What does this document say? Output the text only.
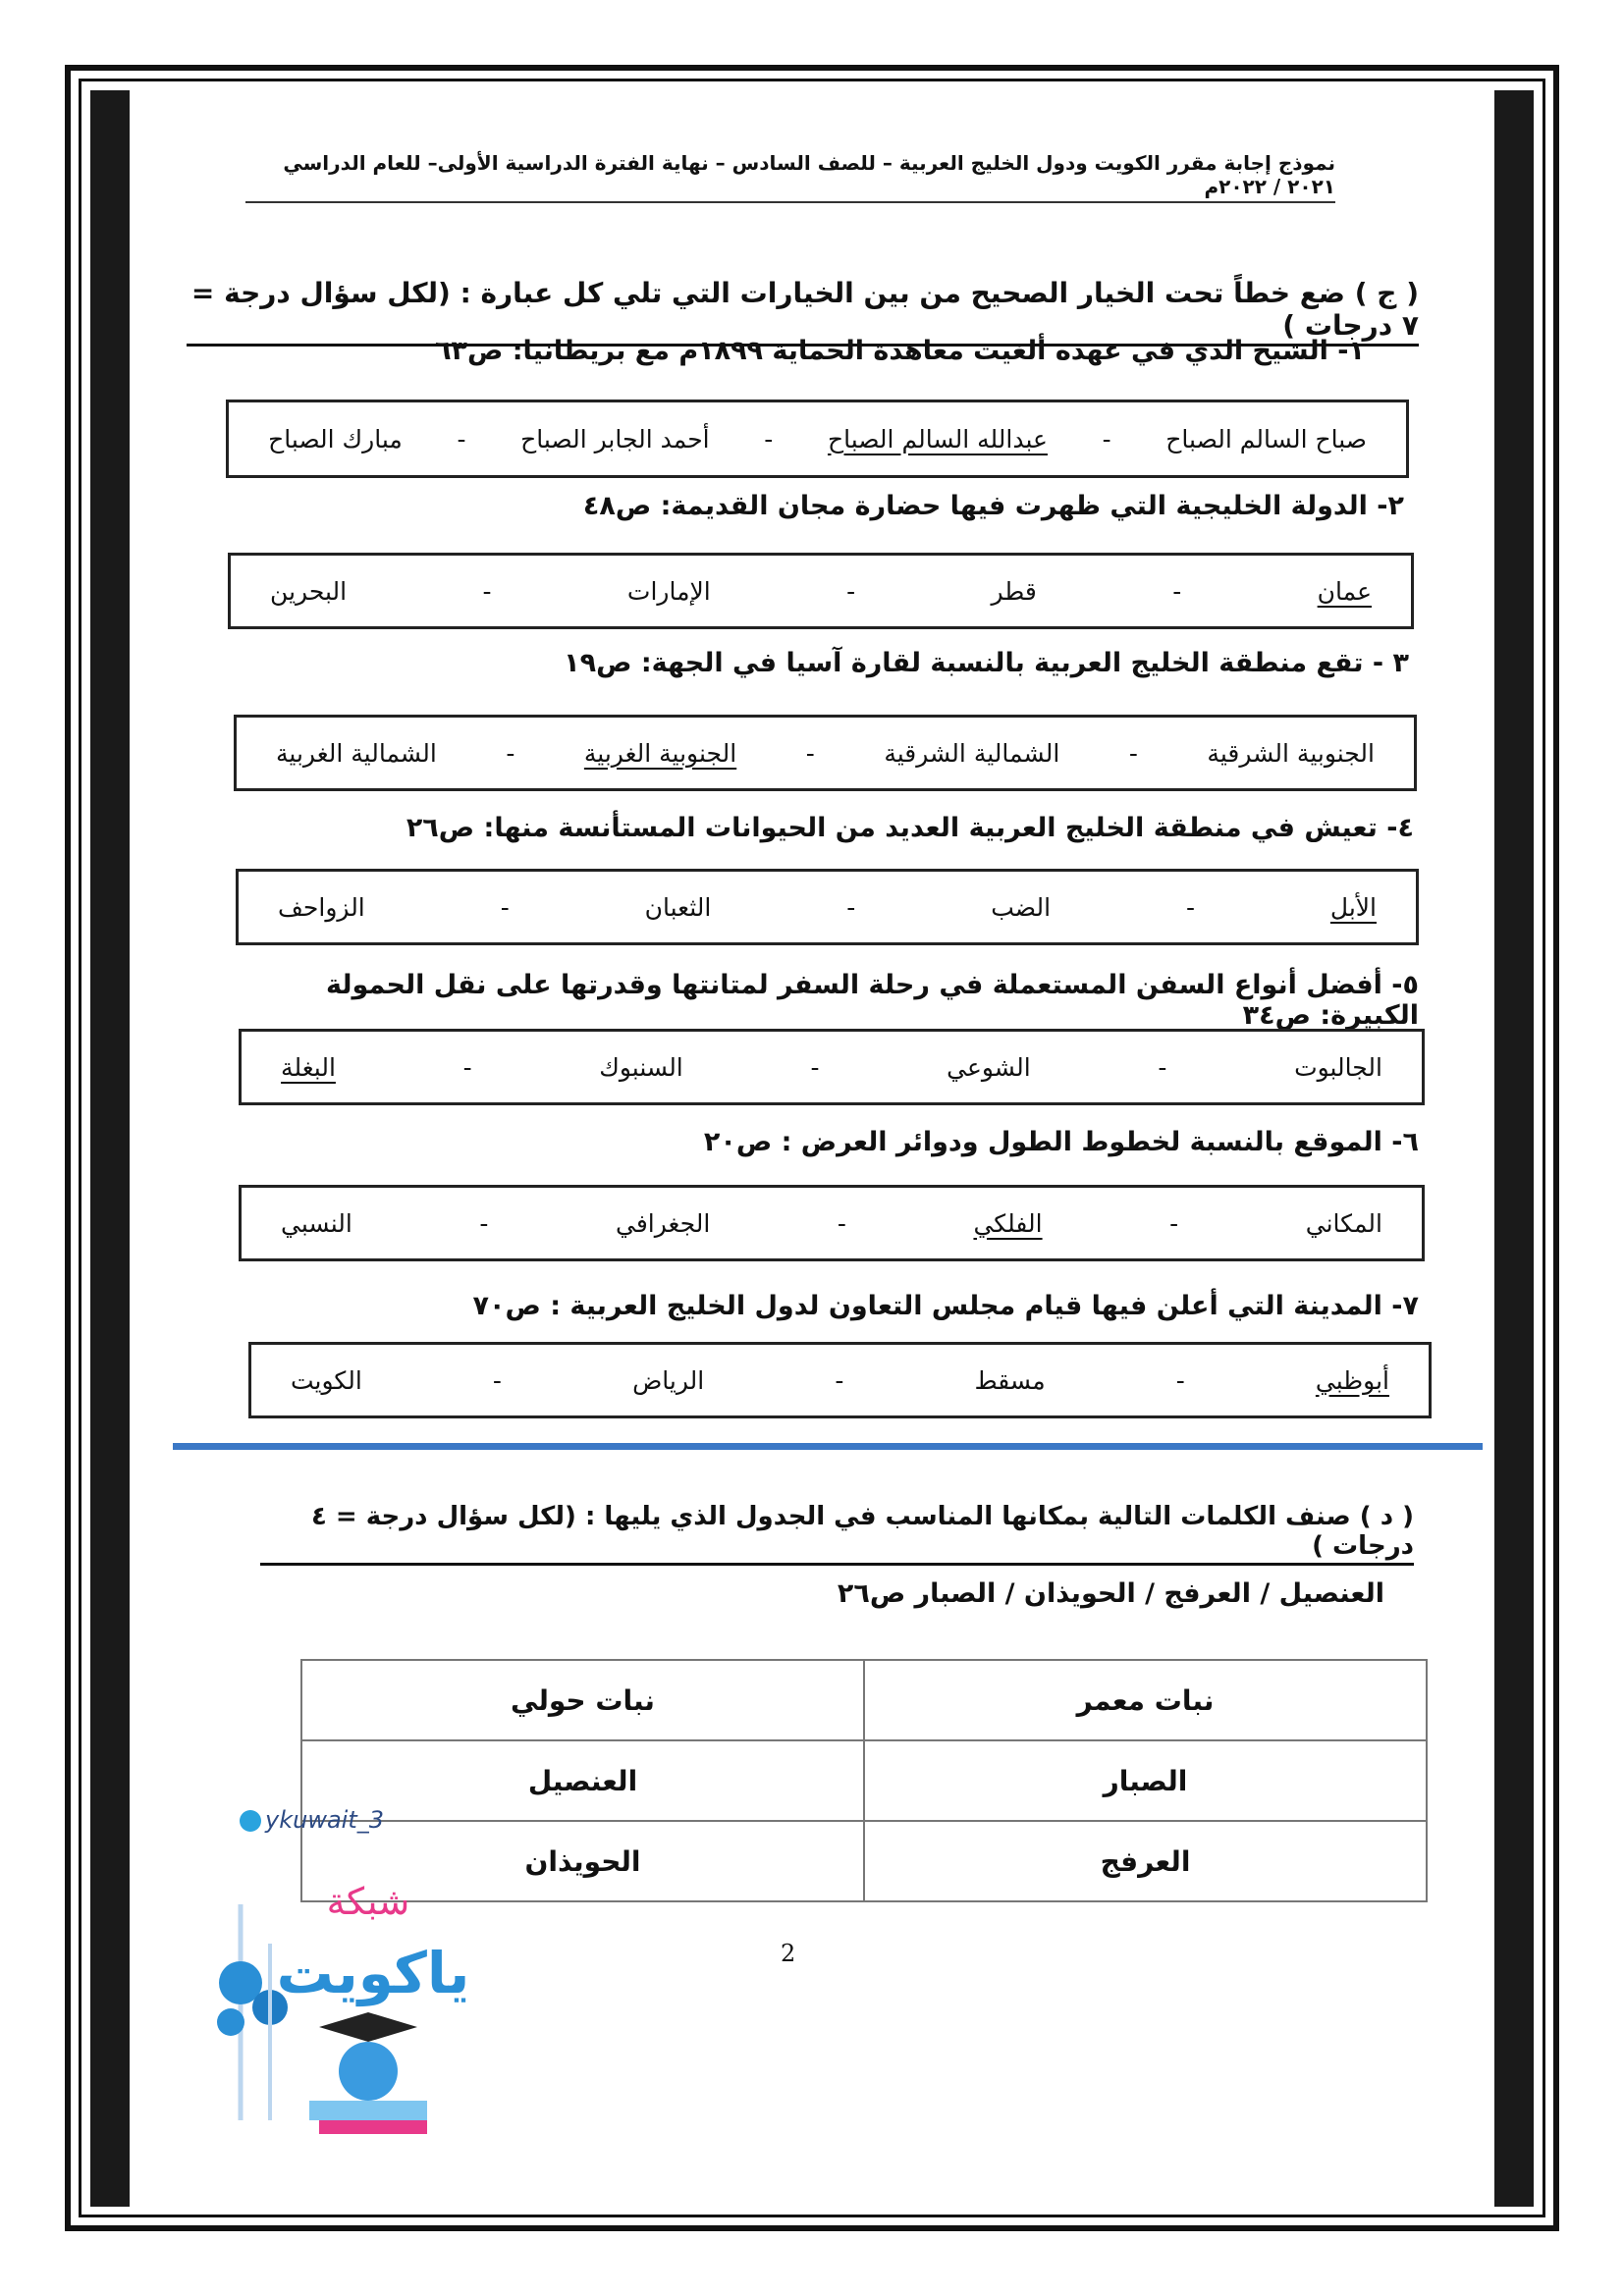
نموذج إجابة مقرر الكويت ودول الخليج العربية – للصف السادس – نهاية الفترة الدراسية الأولى– للعام الدراسي ٢٠٢١ / ٢٠٢٢م
( ج ) ضع خطاً تحت الخيار الصحيح من بين الخيارات التي تلي كل عبارة : (لكل سؤال درجة = ٧ درجات )
١- الشيخ الذي في عهده ألغيت معاهدة الحماية ١٨٩٩م مع بريطانيا: ص٦٣
مبارك الصباح	-	أحمد الجابر الصباح	-	عبدالله السالم الصباح	-	صباح السالم الصباح
٢- الدولة الخليجية التي ظهرت فيها حضارة مجان القديمة: ص٤٨
البحرين	-	الإمارات	-	قطر	-	عمان
٣ - تقع منطقة الخليج العربية بالنسبة لقارة آسيا في الجهة: ص١٩
الشمالية الغربية	-	الجنوبية الغربية	-	الشمالية الشرقية	-	الجنوبية الشرقية
٤- تعيش في منطقة الخليج العربية العديد من الحيوانات المستأنسة منها: ص٢٦
الزواحف	-	الثعبان	-	الضب	-	الأبل
٥- أفضل أنواع السفن المستعملة في رحلة السفر لمتانتها وقدرتها على نقل الحمولة الكبيرة: ص٣٤
البغلة	-	السنبوك	-	الشوعي	-	الجالبوت
٦- الموقع بالنسبة لخطوط الطول ودوائر العرض : ص٢٠
النسبي	-	الجغرافي	-	الفلكي	-	المكاني
٧- المدينة التي أعلن فيها قيام مجلس التعاون لدول الخليج العربية : ص٧٠
الكويت	-	الرياض	-	مسقط	-	أبوظبي
( د ) صنف الكلمات التالية بمكانها المناسب في الجدول الذي يليها : (لكل سؤال درجة = ٤ درجات )
العنصيل / العرفج / الحويذان / الصبار ص٢٦
نبات معمر	نبات حولي
الصبار	العنصيل
العرفج	الحويذان
ykuwait_3
شبكة
ياكويت	2
